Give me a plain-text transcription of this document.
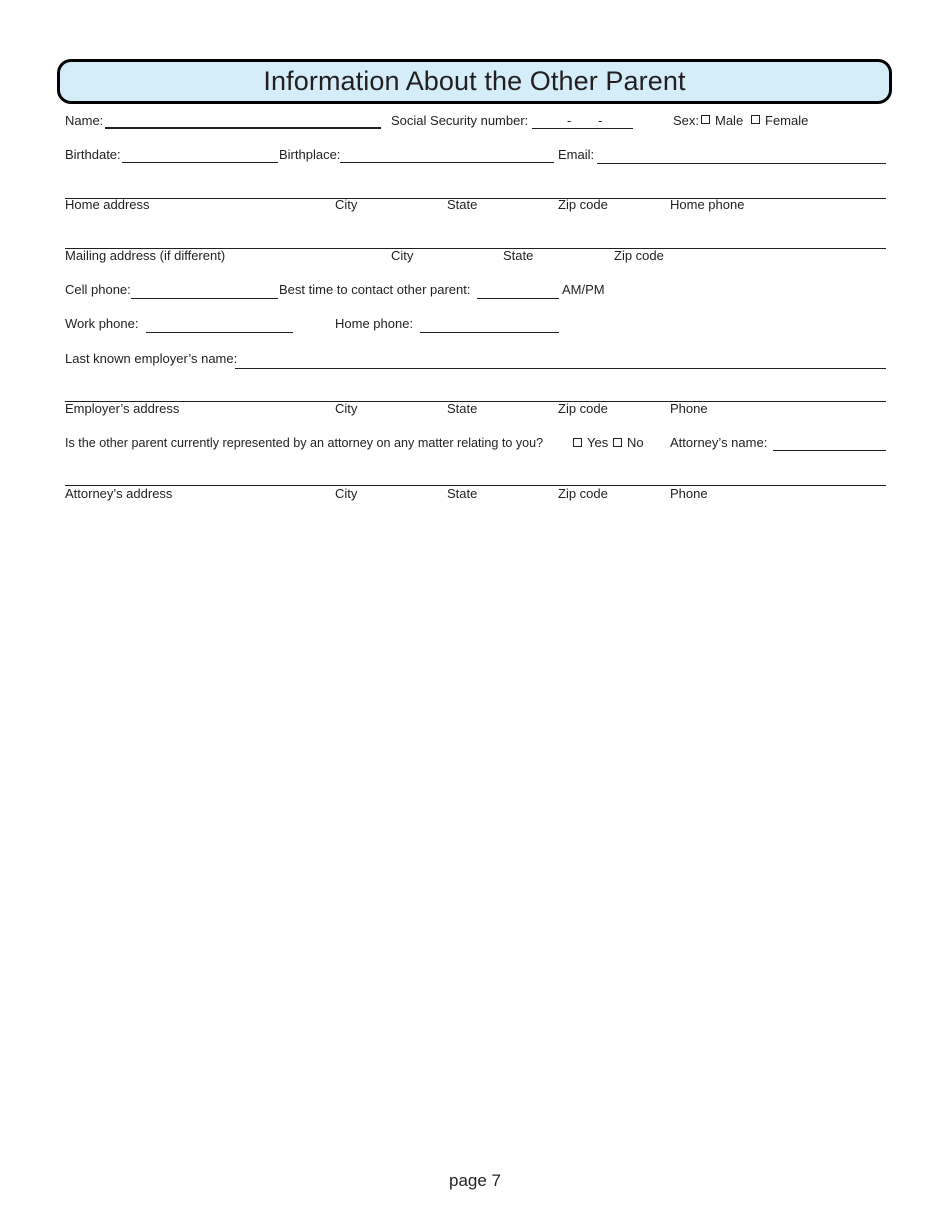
Information About the Other Parent
Name:	Social Security number:	- -	Sex: Male Female
Birthdate:	Birthplace:	Email:
Home address	City	State	Zip code	Home phone
Mailing address (if different)	City	State	Zip code
Cell phone:	Best time to contact other parent:	AM/PM
Work phone:	Home phone:
Last known employer’s name:
Employer’s address	City	State	Zip code	Phone
Is the other parent currently represented by an attorney on any matter relating to you?	Yes No Attorney’s name:
Attorney’s address	City	State	Zip code	Phone
page 7
